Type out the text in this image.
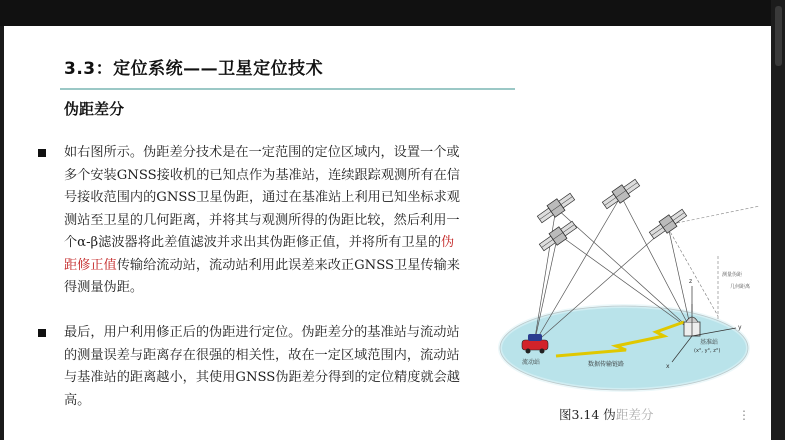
3.3：定位系统——卫星定位技术
伪距差分
如右图所示。伪距差分技术是在一定范围的定位区域内，设置一个或多个安装GNSS接收机的已知点作为基准站，连续跟踪观测所有在信号接收范围内的GNSS卫星伪距，通过在基准站上利用已知坐标求观测站至卫星的几何距离，并将其与观测所得的伪距比较，然后利用一个α-β滤波器将此差值滤波并求出其伪距修正值，并将所有卫星的伪距修正值传输给流动站，流动站利用此误差来改正GNSS卫星传输来得测量伪距。
最后，用户利用修正后的伪距进行定位。伪距差分的基准站与流动站的测量误差与距离存在很强的相关性，故在一定区域范围内，流动站与基准站的距离越小，其使用GNSS伪距差分得到的定位精度就会越高。
z
y
x
流动站	数据传输链路
基准站
(x°, y°, z°)
测量伪距
几何距离
图3.14 伪距差分	⋮
